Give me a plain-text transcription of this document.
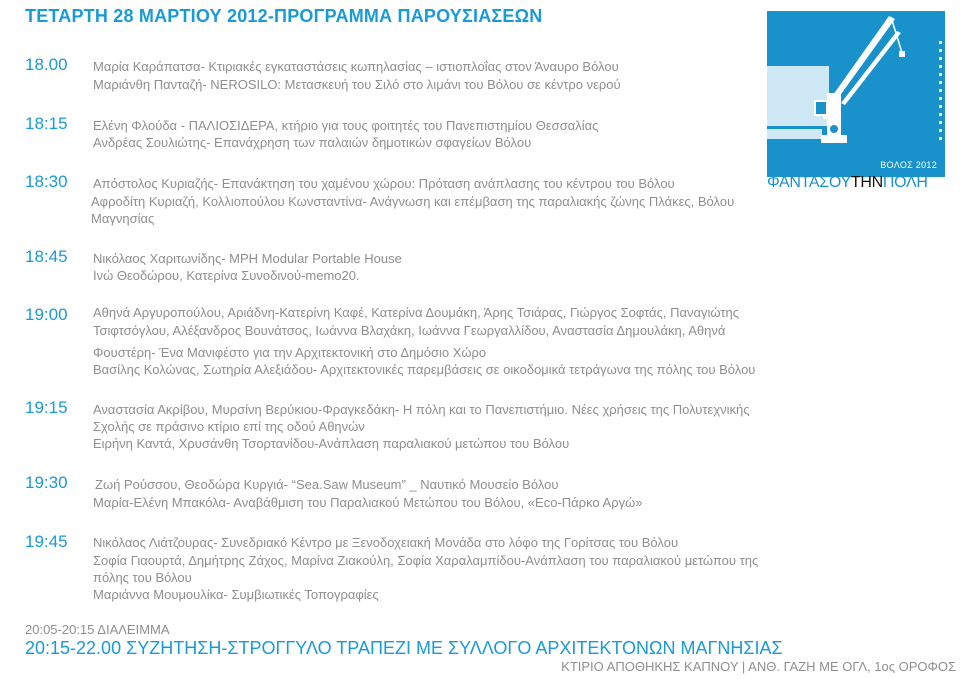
ΤΕΤΑΡΤΗ 28 ΜΑΡΤΙΟΥ 2012-ΠΡΟΓΡΑΜΜΑ ΠΑΡΟΥΣΙΑΣΕΩΝ
ΒΟΛΟΣ 2012
ΦΑΝΤΑΣΟΥΤΗΝΠΟΛΗ
18.00 Μαρία Καράπατσα- Κτιριακές εγκαταστάσεις κωπηλασίας – ιστιοπλοΐας στον Άναυρο Βόλου
Μαριάνθη Πανταζή- NEROSILO: Μετασκευή του Σιλό στο λιμάνι του Βόλου σε κέντρο νερού
18:15 Ελένη Φλούδα - ΠΑΛΙΟΣΙΔΕΡΑ, κτήριο για τους φοιτητές του Πανεπιστημίου Θεσσαλίας
Ανδρέας Σουλιώτης- Επανάχρηση των παλαιών δημοτικών σφαγείων Βόλου
18:30 Απόστολος Κυριαζής- Επανάκτηση του χαμένου χώρου: Πρόταση ανάπλασης του κέντρου του Βόλου
Αφροδίτη Κυριαζή, Κολλιοπούλου Κωνσταντίνα- Ανάγνωση και επέμβαση της παραλιακής ζώνης Πλάκες, Βόλου
Μαγνησίας
18:45 Νικόλαος Χαριτωνίδης- MPH Modular Portable House
Ινώ Θεοδώρου, Κατερίνα Συνοδινού-memo20.
19:00 Αθηνά Αργυροπούλου, Αριάδνη-Κατερίνη Καφέ, Κατερίνα Δουμάκη, Άρης Τσιάρας, Γιώργος Σοφτάς, Παναγιώτης
Τσιφτσόγλου, Αλέξανδρος Βουνάτσος, Ιωάννα Βλαχάκη, Ιωάννα Γεωργαλλίδου, Αναστασία Δημουλάκη, Αθηνά
Φουστέρη- Ένα Μανιφέστο για την Αρχιτεκτονική στο Δημόσιο Χώρο
Βασίλης Κολώνας, Σωτηρία Αλεξιάδου- Αρχιτεκτονικές παρεμβάσεις σε οικοδομικά τετράγωνα της πόλης του Βόλου
19:15 Αναστασία Ακρίβου, Μυρσίνη Βερύκιου-Φραγκεδάκη- Η πόλη και το Πανεπιστήμιο. Νέες χρήσεις της Πολυτεχνικής
Σχολής σε πράσινο κτίριο επί της οδού Αθηνών
Ειρήνη Καντά, Χρυσάνθη Τσορτανίδου-Ανάπλαση παραλιακού μετώπου του Βόλου
19:30 Ζωή Ρούσσου, Θεοδώρα Κυργιά- “Sea.Saw Museum” _ Ναυτικό Μουσείο Βόλου
Μαρία-Ελένη Μπακόλα- Αναβάθμιση του Παραλιακού Μετώπου του Βόλου, «Eco-Πάρκο Αργώ»
19:45 Νικόλαος Λιάτζουρας- Συνεδριακό Κέντρο με Ξενοδοχειακή Μονάδα στο λόφο της Γορίτσας του Βόλου
Σοφία Γιαουρτά, Δημήτρης Ζάχος, Μαρίνα Ζιακούλη, Σοφία Χαραλαμπίδου-Ανάπλαση του παραλιακού μετώπου της
πόλης του Βόλου
Μαριάννα Μουμουλίκα- Συμβιωτικές Τοπογραφίες
20:05-20:15 ΔΙΑΛΕΙΜΜΑ
20:15-22.00 ΣΥΖΗΤΗΣΗ-ΣΤΡΟΓΓΥΛΟ ΤΡΑΠΕΖΙ ΜΕ ΣΥΛΛΟΓΟ ΑΡΧΙΤΕΚΤΟΝΩΝ ΜΑΓΝΗΣΙΑΣ
ΚΤΙΡΙΟ ΑΠΟΘΗΚΗΣ ΚΑΠΝΟΥ | ΑΝΘ. ΓΑΖΗ ΜΕ ΟΓΛ, 1ος ΟΡΟΦΟΣ
